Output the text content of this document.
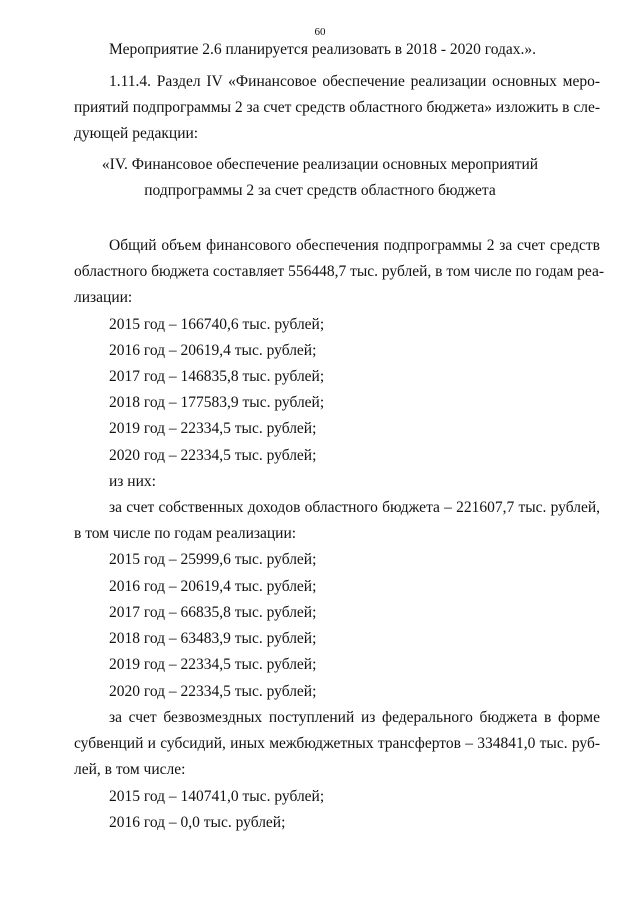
60
Мероприятие 2.6 планируется реализовать в 2018 - 2020 годах.».
1.11.4. Раздел IV «Финансовое обеспечение реализации основных меро-
приятий подпрограммы 2 за счет средств областного бюджета» изложить в сле-
дующей редакции:
«IV. Финансовое обеспечение реализации основных мероприятий
подпрограммы 2 за счет средств областного бюджета
Общий объем финансового обеспечения подпрограммы 2 за счет средств
областного бюджета составляет 556448,7 тыс. рублей, в том числе по годам реа-
лизации:
2015 год – 166740,6 тыс. рублей;
2016 год – 20619,4 тыс. рублей;
2017 год – 146835,8 тыс. рублей;
2018 год – 177583,9 тыс. рублей;
2019 год – 22334,5 тыс. рублей;
2020 год – 22334,5 тыс. рублей;
из них:
за счет собственных доходов областного бюджета – 221607,7 тыс. рублей,
в том числе по годам реализации:
2015 год – 25999,6 тыс. рублей;
2016 год – 20619,4 тыс. рублей;
2017 год – 66835,8 тыс. рублей;
2018 год – 63483,9 тыс. рублей;
2019 год – 22334,5 тыс. рублей;
2020 год – 22334,5 тыс. рублей;
за счет безвозмездных поступлений из федерального бюджета в форме
субвенций и субсидий, иных межбюджетных трансфертов – 334841,0 тыс. руб-
лей, в том числе:
2015 год – 140741,0 тыс. рублей;
2016 год – 0,0 тыс. рублей;
